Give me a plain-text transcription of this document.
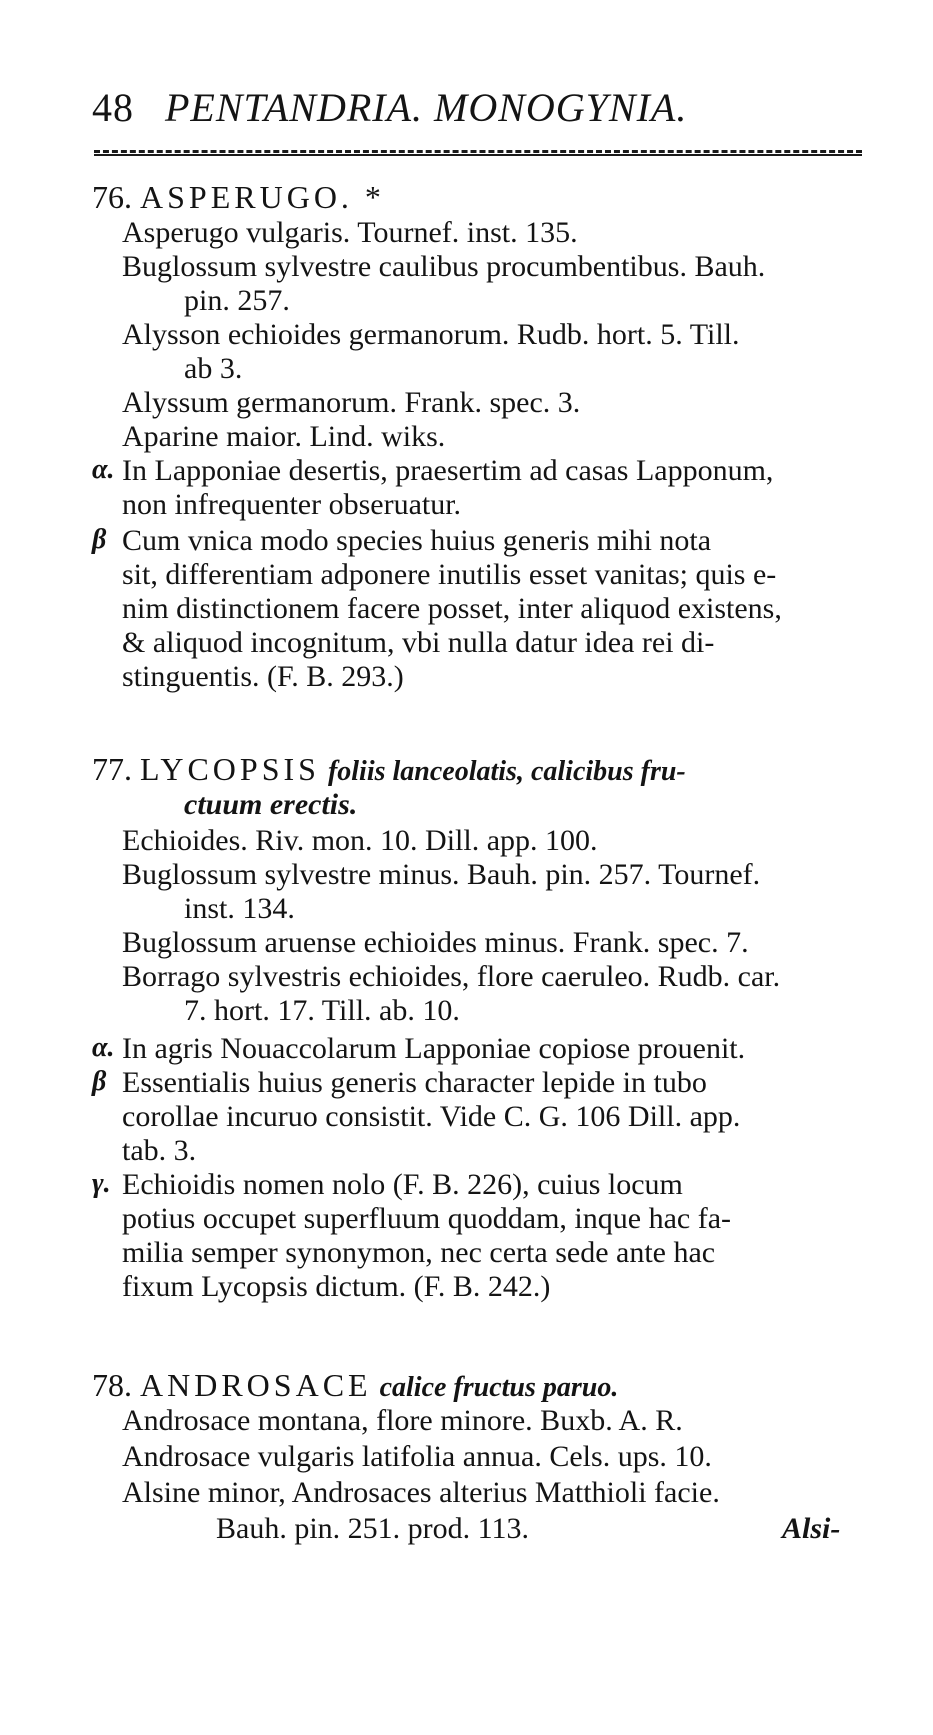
48 PENTANDRIA. MONOGYNIA.
76. ASPERUGO. *
Asperugo vulgaris. Tournef. inst. 135.
Buglossum sylvestre caulibus procumbentibus. Bauh.
pin. 257.
Alysson echioides germanorum. Rudb. hort. 5. Till.
ab 3.
Alyssum germanorum. Frank. spec. 3.
Aparine maior. Lind. wiks.
α. In Lapponiae desertis, praesertim ad casas Lapponum,
non infrequenter obseruatur.
β Cum vnica modo species huius generis mihi nota
sit, differentiam adponere inutilis esset vanitas; quis e-
nim distinctionem facere posset, inter aliquod existens,
& aliquod incognitum, vbi nulla datur idea rei di-
stinguentis. (F. B. 293.)
77. LYCOPSIS foliis lanceolatis, calicibus fru-
ctuum erectis.
Echioides. Riv. mon. 10. Dill. app. 100.
Buglossum sylvestre minus. Bauh. pin. 257. Tournef.
inst. 134.
Buglossum aruense echioides minus. Frank. spec. 7.
Borrago sylvestris echioides, flore caeruleo. Rudb. car.
7. hort. 17. Till. ab. 10.
α. In agris Nouaccolarum Lapponiae copiose prouenit.
β Essentialis huius generis character lepide in tubo
corollae incuruo consistit. Vide C. G. 106 Dill. app.
tab. 3.
γ. Echioidis nomen nolo (F. B. 226), cuius locum
potius occupet superfluum quoddam, inque hac fa-
milia semper synonymon, nec certa sede ante hac
fixum Lycopsis dictum. (F. B. 242.)
78. ANDROSACE calice fructus paruo.
Androsace montana, flore minore. Buxb. A. R.
Androsace vulgaris latifolia annua. Cels. ups. 10.
Alsine minor, Androsaces alterius Matthioli facie.
Bauh. pin. 251. prod. 113.	Alsi-
